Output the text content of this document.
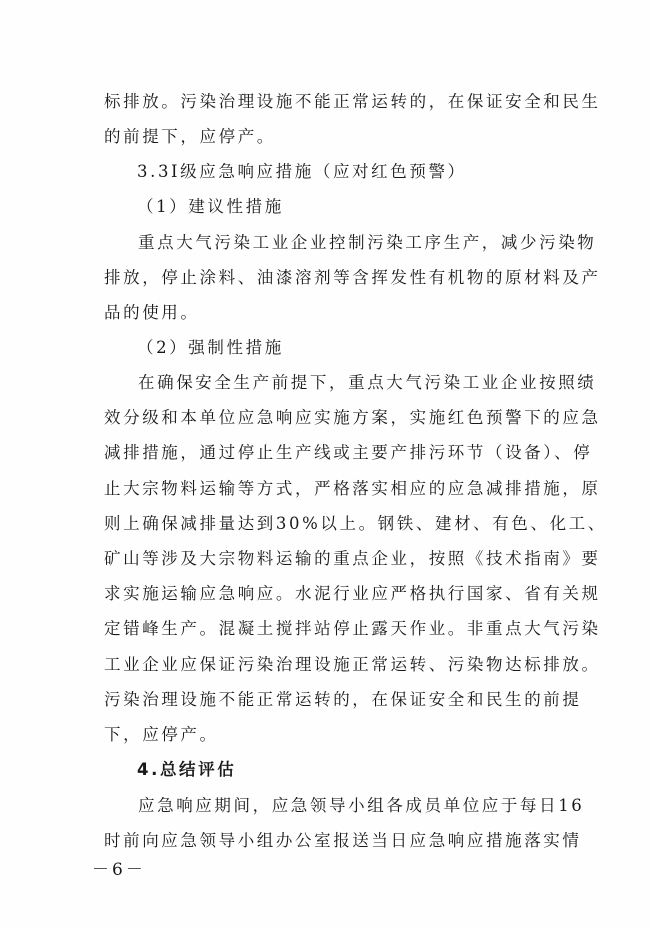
标排放。污染治理设施不能正常运转的，在保证安全和民生
的前提下，应停产。
3.3Ⅰ级应急响应措施（应对红色预警）
（1）建议性措施
重点大气污染工业企业控制污染工序生产，减少污染物
排放，停止涂料、油漆溶剂等含挥发性有机物的原材料及产
品的使用。
（2）强制性措施
在确保安全生产前提下，重点大气污染工业企业按照绩
效分级和本单位应急响应实施方案，实施红色预警下的应急
减排措施，通过停止生产线或主要产排污环节（设备）、停
止大宗物料运输等方式，严格落实相应的应急减排措施，原
则上确保减排量达到30%以上。钢铁、建材、有色、化工、
矿山等涉及大宗物料运输的重点企业，按照《技术指南》要
求实施运输应急响应。水泥行业应严格执行国家、省有关规
定错峰生产。混凝土搅拌站停止露天作业。非重点大气污染
工业企业应保证污染治理设施正常运转、污染物达标排放。
污染治理设施不能正常运转的，在保证安全和民生的前提
下，应停产。
4.总结评估
应急响应期间，应急领导小组各成员单位应于每日16
时前向应急领导小组办公室报送当日应急响应措施落实情
－6－
